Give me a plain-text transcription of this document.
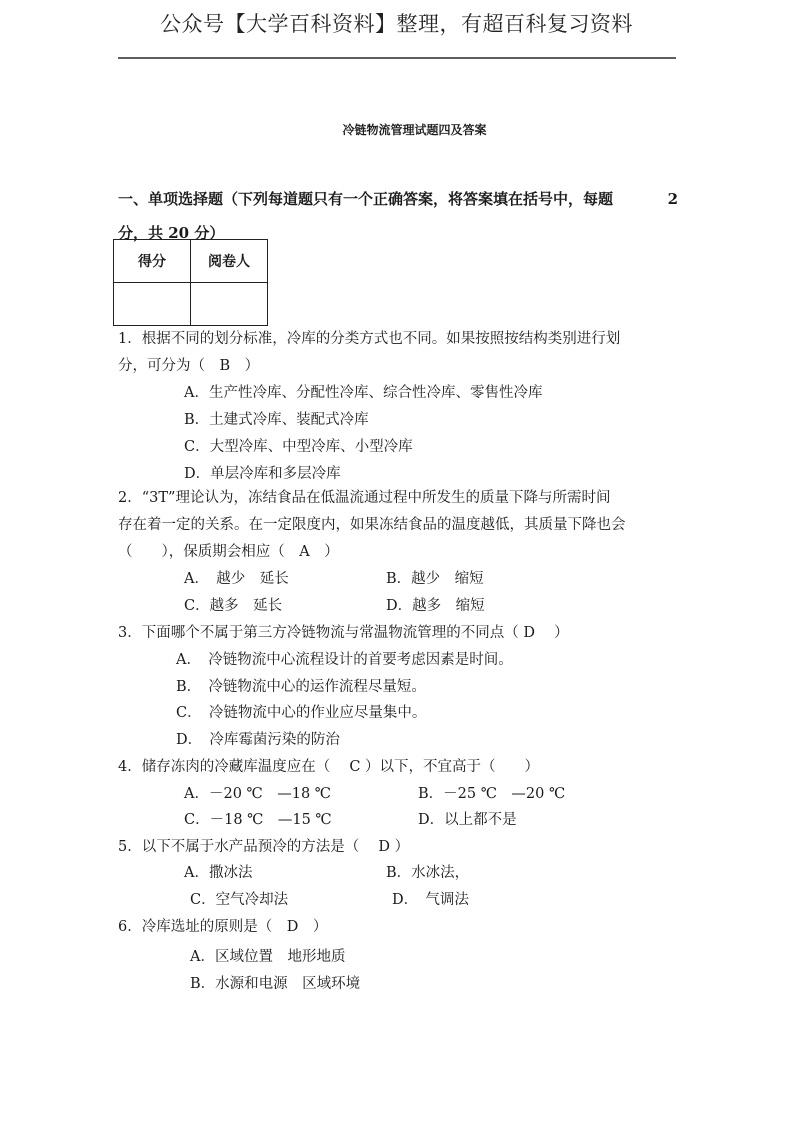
公众号【大学百科资料】整理，有超百科复习资料
冷链物流管理试题四及答案
一、单项选择题（下列每道题只有一个正确答案，将答案填在括号中，每题	2
分，共 20 分）
得分	阅卷人

1．根据不同的划分标准，冷库的分类方式也不同。如果按照按结构类别进行划
分，可分为（　B　）
A．生产性冷库、分配性冷库、综合性冷库、零售性冷库
B．土建式冷库、装配式冷库
C．大型冷库、中型冷库、小型冷库
D．单层冷库和多层冷库
2．“3T”理论认为，冻结食品在低温流通过程中所发生的质量下降与所需时间
存在着一定的关系。在一定限度内，如果冻结食品的温度越低，其质量下降也会
（　　），保质期会相应（　A　）
A．　越少　延长	B．越少　缩短
C．越多　延长	D．越多　缩短
3．下面哪个不属于第三方冷链物流与常温物流管理的不同点（ D　 ）
A．　冷链物流中心流程设计的首要考虑因素是时间。
B．　冷链物流中心的运作流程尽量短。
C．　冷链物流中心的作业应尽量集中。
D．　冷库霉菌污染的防治
4．储存冻肉的冷藏库温度应在（　 C ）以下，不宜高于（　　）
A．－20 ℃　—18 ℃	B．－25 ℃　—20 ℃
C．－18 ℃　—15 ℃	D．以上都不是
5．以下不属于水产品预冷的方法是（　 D ）
A．撒冰法	B．水冰法，
C．空气冷却法	D．　气调法
6．冷库选址的原则是（　D　）
A．区域位置　地形地质
B．水源和电源　区域环境
